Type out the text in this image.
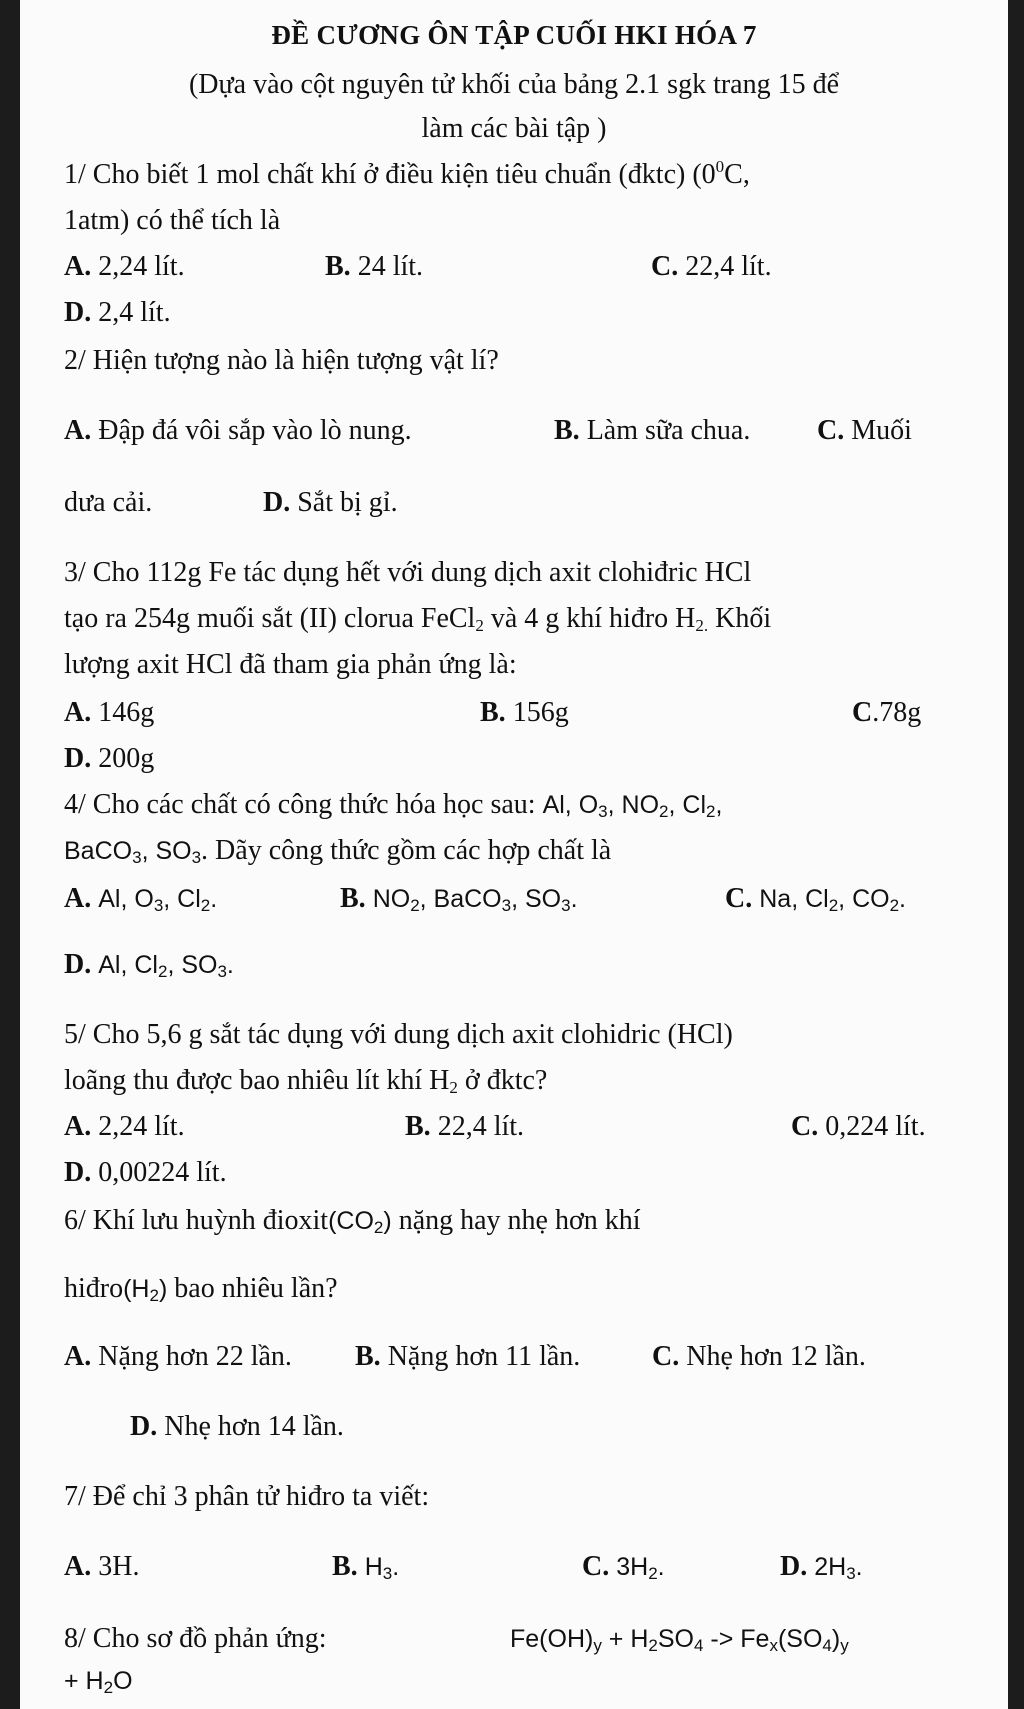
ĐỀ CƯƠNG ÔN TẬP CUỐI HKI HÓA 7
(Dựa vào cột nguyên tử khối của bảng 2.1 sgk trang 15 để
làm các bài tập )
1/ Cho biết 1 mol chất khí ở điều kiện tiêu chuẩn (đktc) ($0^0C$,
1atm) có thể tích là
A. 2,24 lít.	B. 24 lít.	C. 22,4 lít.
D. 2,4 lít.
2/ Hiện tượng nào là hiện tượng vật lí?
A. Đập đá vôi sắp vào lò nung.	B. Làm sữa chua. C. Muối
dưa cải.	D. Sắt bị gỉ.
3/ Cho 112g Fe tác dụng hết với dung dịch axit clohiđric HCl
tạo ra 254g muối sắt (II) clorua FeCl$_2$ và 4 g khí hiđro $H_{2.}$ Khối
lượng axit HCl đã tham gia phản ứng là:
A. 146g	B. 156g	C.78g
D. 200g
4/ Cho các chất có công thức hóa học sau: Al, $O_3$, $NO_2$, $Cl_2$,
BaCO$_3$, $SO_3$. Dãy công thức gồm các hợp chất là
A. Al, $O_3$, $Cl_2$.	B. $NO_2$, BaCO$_3$, $SO_3$.	C. Na, $Cl_2$, $CO_2$.
D. Al, $Cl_2$, $SO_3$.
5/ Cho 5,6 g sắt tác dụng với dung dịch axit clohidric (HCl)
loãng thu được bao nhiêu lít khí $H_2$ ở đktc?
A. 2,24 lít.	B. 22,4 lít.	C. 0,224 lít.
D. 0,00224 lít.
6/ Khí lưu huỳnh $đioxit(CO_2)$ nặng hay nhẹ hơn khí
$hiđro(H_2)$ bao nhiêu lần?
A. Nặng hơn 22 lần. B. Nặng hơn 11 lần.	C. Nhẹ hơn 12 lần.
D. Nhẹ hơn 14 lần.
7/ Để chỉ 3 phân tử hiđro ta viết:
A. 3H.	B. $H_3$.	C. $3H_2$.	D. $2H_3$.
8/ Cho sơ đồ phản ứng:	$Fe(OH)_y + H_2SO_4 -> Fe_x(SO_4)_y$
+ $H_2O$
